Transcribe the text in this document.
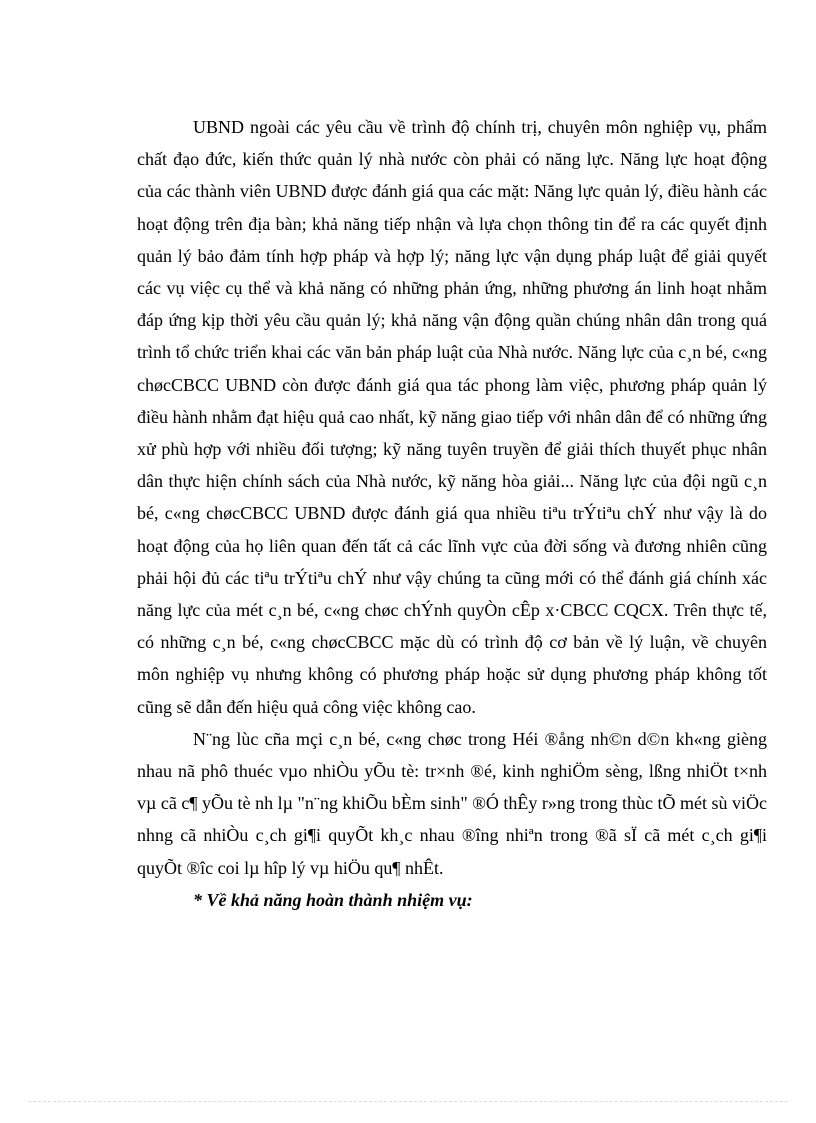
UBND ngoài các yêu cầu về trình độ chính trị, chuyên môn nghiệp vụ, phẩm chất đạo đức, kiến thức quản lý nhà nước còn phải có năng lực. Năng lực hoạt động của các thành viên UBND được đánh giá qua các mặt: Năng lực quản lý, điều hành các hoạt động trên địa bàn; khả năng tiếp nhận và lựa chọn thông tin để ra các quyết định quản lý bảo đảm tính hợp pháp và hợp lý; năng lực vận dụng pháp luật để giải quyết các vụ việc cụ thể và khả năng có những phản ứng, những phương án linh hoạt nhằm đáp ứng kịp thời yêu cầu quản lý; khả năng vận động quần chúng nhân dân trong quá trình tổ chức triển khai các văn bản pháp luật của Nhà nước. Năng lực của c¸n bé, c«ng chøcCBCC UBND còn được đánh giá qua tác phong làm việc, phương pháp quản lý điều hành nhằm đạt hiệu quả cao nhất, kỹ năng giao tiếp với nhân dân để có những ứng xử phù hợp với nhiều đối tượng; kỹ năng tuyên truyền để giải thích thuyết phục nhân dân thực hiện chính sách của Nhà nước, kỹ năng hòa giải... Năng lực của đội ngũ c¸n bé, c«ng chøcCBCC UBND được đánh giá qua nhiều tiªu trÝtiªu chÝ như vậy là do hoạt động của họ liên quan đến tất cả các lĩnh vực của đời sống và đương nhiên cũng phải hội đủ các tiªu trÝtiªu chÝ như vậy chúng ta cũng mới có thể đánh giá chính xác năng lực của mét c¸n bé, c«ng chøc chÝnh quyÒn cÊp x·CBCC CQCX. Trên thực tế, có những c¸n bé, c«ng chøcCBCC mặc dù có trình độ cơ bản về lý luận, về chuyên môn nghiệp vụ nhưng không có phương pháp hoặc sử dụng phương pháp không tốt cũng sẽ dẫn đến hiệu quả công việc không cao.

N¨ng lùc cña mçi c¸n bé, c«ng chøc trong Héi ®ång nh©n d©n kh«ng gièng nhau nã phô thuéc vµo nhiÒu yÕu tè: tr×nh ®é, kinh nghiÖm sèng, lßng nhiÖt t×nh vµ cã c¶ yÕu tè nh lµ "n¨ng khiÕu bÈm sinh" ®Ó thÊy r»ng trong thùc tÕ mét sù viÖc nhng cã nhiÒu c¸ch gi¶i quyÕt kh¸c nhau ®îng nhiªn trong ®ã sÏ cã mét c¸ch gi¶i quyÕt ®îc coi lµ hîp lý vµ hiÖu qu¶ nhÊt.

* Về khả năng hoàn thành nhiệm vụ:
